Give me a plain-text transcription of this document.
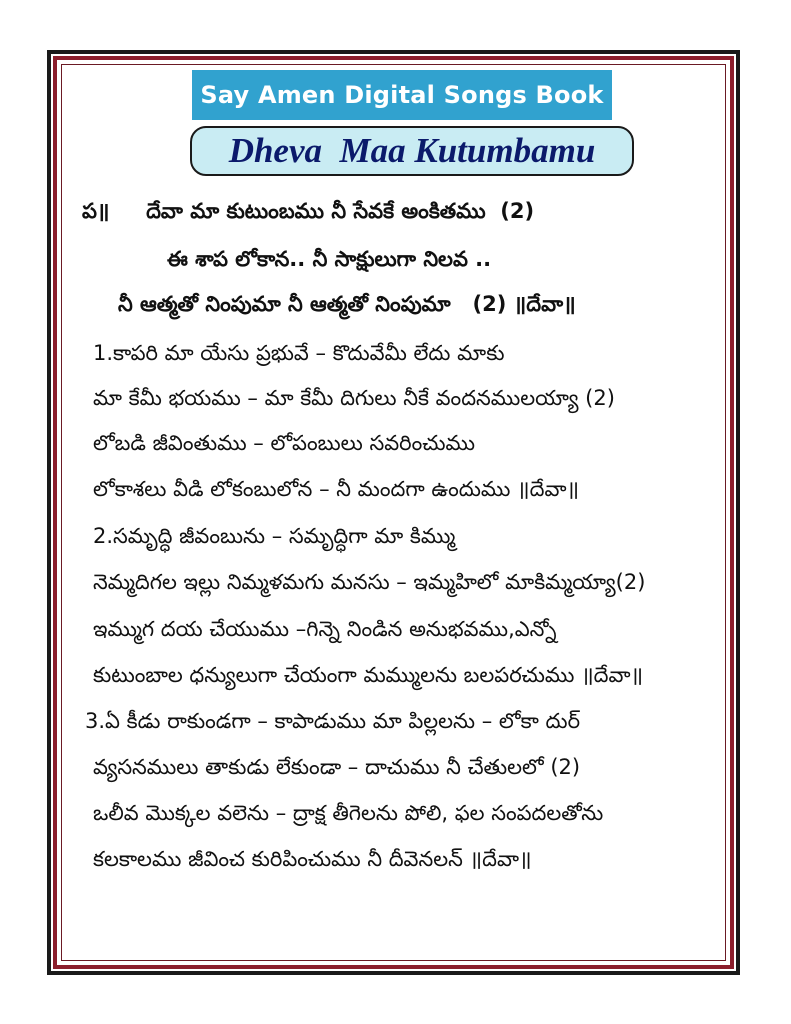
Say Amen Digital Songs Book
Dheva  Maa Kutumbamu
ప॥     దేవా మా కుటుంబము నీ సేవకే అంకితము  (2)
ఈ శాప లోకాన.. నీ సాక్షులుగా నిలవ ..
నీ ఆత్మతో నింపుమా నీ ఆత్మతో నింపుమా   (2) ॥దేవా॥
1.కాపరి మా యేసు ప్రభువే – కొదువేమీ లేదు మాకు
మా కేమీ భయము – మా కేమీ దిగులు నీకే వందనములయ్యా (2)
లోబడి జీవింతుము – లోపంబులు సవరించుము
లోకాశలు వీడి లోకంబులోన – నీ మందగా ఉందుము ॥దేవా॥
2.సమృద్ధి జీవంబును – సమృద్ధిగా మా కిమ్ము
నెమ్మదిగల ఇల్లు నిమ్మళమగు మనసు – ఇమ్మహిలో మాకిమ్మయ్యా(2)
ఇమ్ముగ దయ చేయుము –గిన్నె నిండిన అనుభవము,ఎన్నో
కుటుంబాల ధన్యులుగా చేయంగా మమ్ములను బలపరచుము ॥దేవా॥
3.ఏ కీడు రాకుండగా – కాపాడుము మా పిల్లలను – లోకా దుర్
వ్యసనములు తాకుడు లేకుండా – దాచుము నీ చేతులలో (2)
ఒలీవ మొక్కల వలెను – ద్రాక్ష తీగెలను పోలి, ఫల సంపదలతోను
కలకాలము జీవించ కురిపించుము నీ దీవెనలన్ ॥దేవా॥
